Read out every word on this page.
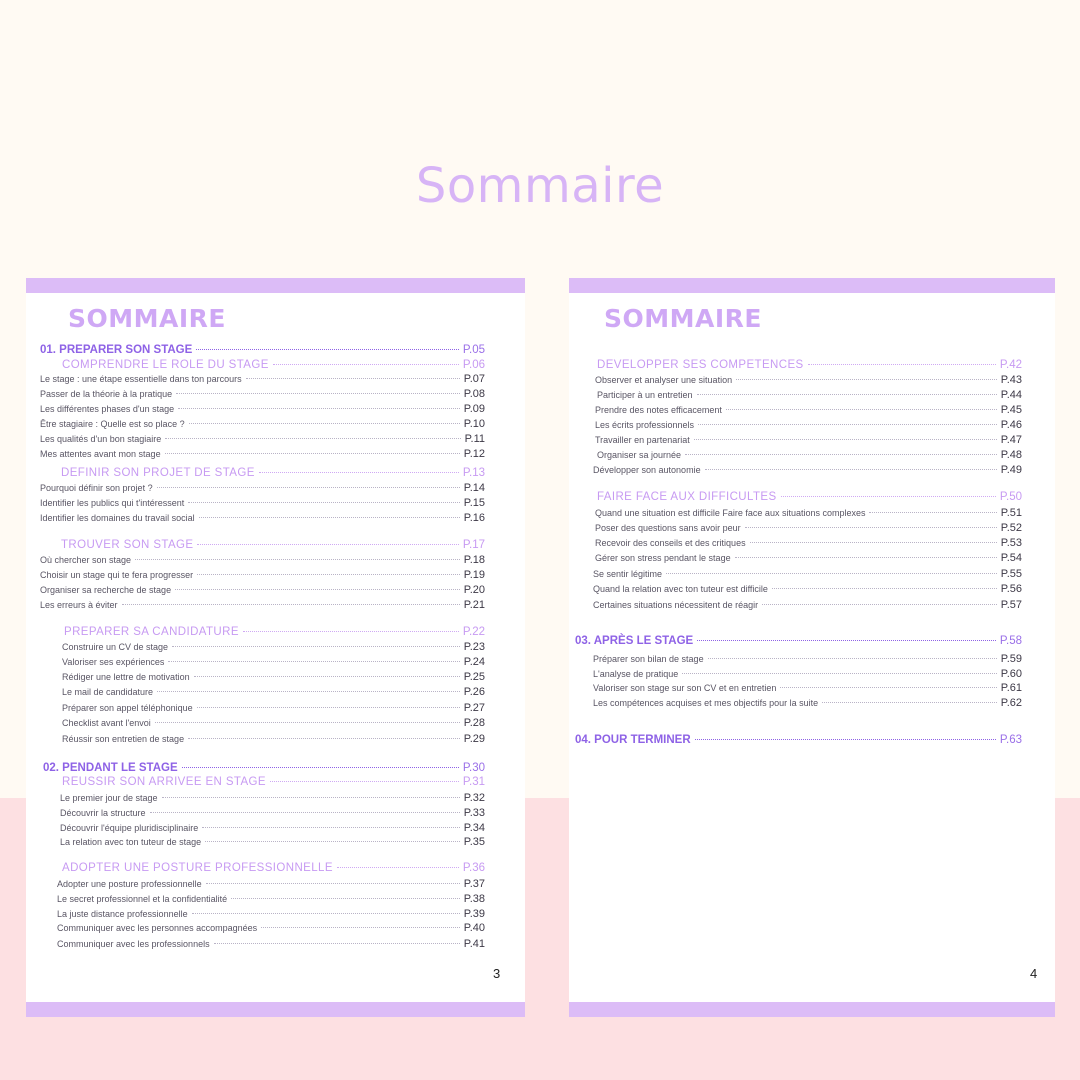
Sommaire
SOMMAIRE
01. PREPARER SON STAGE	P.05
COMPRENDRE LE ROLE DU STAGE	P.06
Le stage : une étape essentielle dans ton parcours	P.07
Passer de la théorie à la pratique	P.08
Les différentes phases d'un stage	P.09
Être stagiaire : Quelle est so place ?	P.10
Les qualités d'un bon stagiaire	P.11
Mes attentes avant mon stage	P.12
DEFINIR SON PROJET DE STAGE	P.13
Pourquoi définir son projet ?	P.14
Identifier les publics qui t'intéressent	P.15
Identifier les domaines du travail social	P.16
TROUVER SON STAGE	P.17
Où chercher son stage	P.18
Choisir un stage qui te fera progresser	P.19
Organiser sa recherche de stage	P.20
Les erreurs à éviter	P.21
PREPARER SA CANDIDATURE	P.22
Construire un CV de stage	P.23
Valoriser ses expériences	P.24
Rédiger une lettre de motivation	P.25
Le mail de candidature	P.26
Préparer son appel téléphonique	P.27
Checklist avant l'envoi	P.28
Réussir son entretien de stage	P.29
02. PENDANT LE STAGE	P.30
REUSSIR SON ARRIVEE EN STAGE	P.31
Le premier jour de stage	P.32
Découvrir la structure	P.33
Découvrir l'équipe pluridisciplinaire	P.34
La relation avec ton tuteur de stage	P.35
ADOPTER UNE POSTURE PROFESSIONNELLE	P.36
Adopter une posture professionnelle	P.37
Le secret professionnel et la confidentialité	P.38
La juste distance professionnelle	P.39
Communiquer avec les personnes accompagnées	P.40
Communiquer avec les professionnels	P.41
3
SOMMAIRE
DEVELOPPER SES COMPETENCES	P.42
Observer et analyser une situation	P.43
Participer à un entretien	P.44
Prendre des notes efficacement	P.45
Les écrits professionnels	P.46
Travailler en partenariat	P.47
Organiser sa journée	P.48
Développer son autonomie	P.49
FAIRE FACE AUX DIFFICULTES	P.50
Quand une situation est difficile Faire face aux situations complexes	P.51
Poser des questions sans avoir peur	P.52
Recevoir des conseils et des critiques	P.53
Gérer son stress pendant le stage	P.54
Se sentir légitime	P.55
Quand la relation avec ton tuteur est difficile	P.56
Certaines situations nécessitent de réagir	P.57
03. APRÈS LE STAGE	P.58
Préparer son bilan de stage	P.59
L'analyse de pratique	P.60
Valoriser son stage sur son CV et en entretien	P.61
Les compétences acquises et mes objectifs pour la suite	P.62
04. POUR TERMINER	P.63
4
